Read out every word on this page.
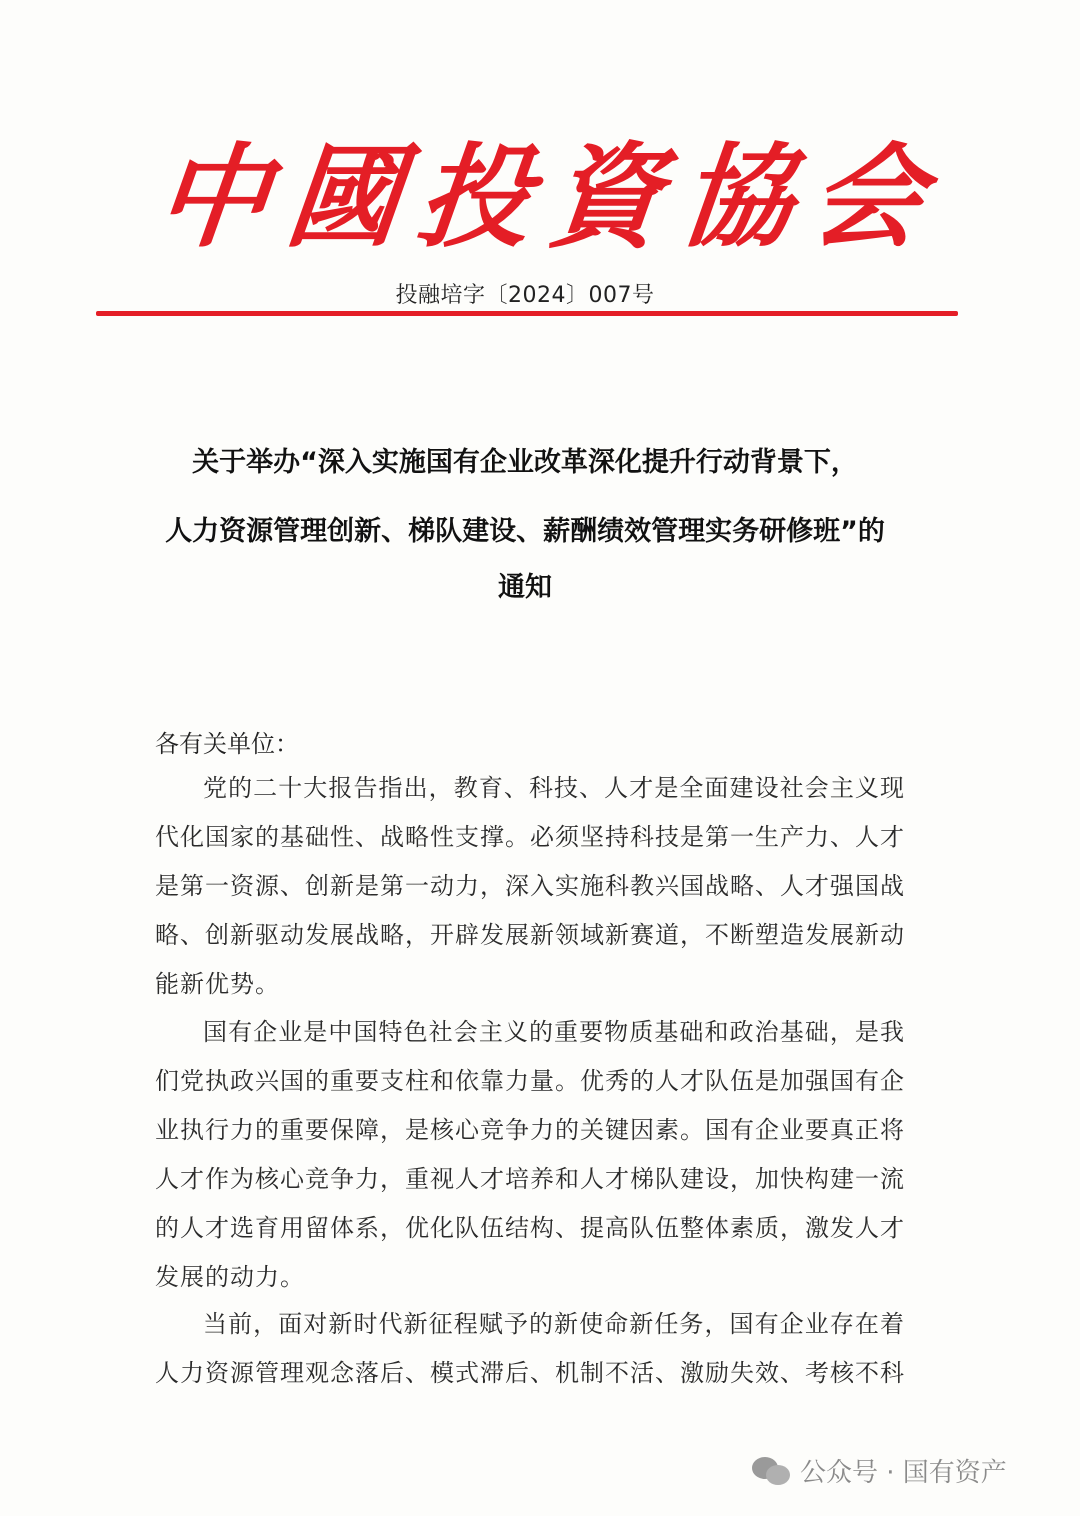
中 國 投 資 協 会
投融培字〔2024〕007号
关于举办“深入实施国有企业改革深化提升行动背景下，
人力资源管理创新、梯队建设、薪酬绩效管理实务研修班”的
通知
各有关单位：

党的二十大报告指出，教育、科技、人才是全面建设社会主义现代化国家的基础性、战略性支撑。必须坚持科技是第一生产力、人才是第一资源、创新是第一动力，深入实施科教兴国战略、人才强国战略、创新驱动发展战略，开辟发展新领域新赛道，不断塑造发展新动能新优势。

国有企业是中国特色社会主义的重要物质基础和政治基础，是我们党执政兴国的重要支柱和依靠力量。优秀的人才队伍是加强国有企业执行力的重要保障，是核心竞争力的关键因素。国有企业要真正将人才作为核心竞争力，重视人才培养和人才梯队建设，加快构建一流的人才选育用留体系，优化队伍结构、提高队伍整体素质，激发人才发展的动力。

当前，面对新时代新征程赋予的新使命新任务，国有企业存在着人力资源管理观念落后、模式滞后、机制不活、激励失效、考核不科

公众号 · 国有资产
